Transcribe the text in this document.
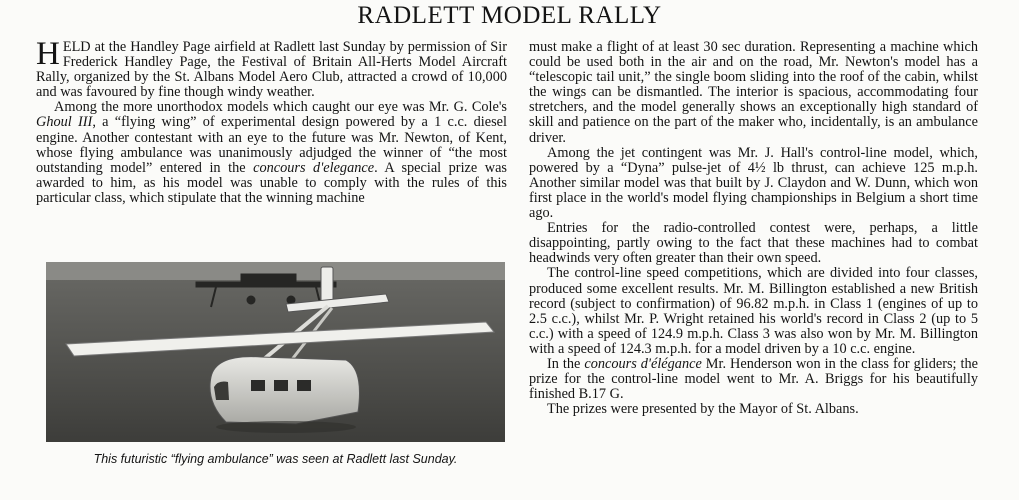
RADLETT MODEL RALLY

HELD at the Handley Page airfield at Radlett last Sunday by permission of Sir Frederick Handley Page, the Festival of Britain All-Herts Model Aircraft Rally, organized by the St. Albans Model Aero Club, attracted a crowd of 10,000 and was favoured by fine though windy weather.

Among the more unorthodox models which caught our eye was Mr. G. Cole's Ghoul III, a “flying wing” of experimental design powered by a 1 c.c. diesel engine. Another contestant with an eye to the future was Mr. Newton, of Kent, whose flying ambulance was unanimously adjudged the winner of “the most outstanding model” entered in the concours d'elegance. A special prize was awarded to him, as his model was unable to comply with the rules of this particular class, which stipulate that the winning machine

This futuristic “flying ambulance” was seen at Radlett last Sunday.

must make a flight of at least 30 sec duration. Representing a machine which could be used both in the air and on the road, Mr. Newton's model has a “telescopic tail unit,” the single boom sliding into the roof of the cabin, whilst the wings can be dismantled. The interior is spacious, accommodating four stretchers, and the model generally shows an exceptionally high standard of skill and patience on the part of the maker who, incidentally, is an ambulance driver.

Among the jet contingent was Mr. J. Hall's control-line model, which, powered by a “Dyna” pulse-jet of 4½ lb thrust, can achieve 125 m.p.h. Another similar model was that built by J. Claydon and W. Dunn, which won first place in the world's model flying championships in Belgium a short time ago.

Entries for the radio-controlled contest were, perhaps, a little disappointing, partly owing to the fact that these machines had to combat headwinds very often greater than their own speed.

The control-line speed competitions, which are divided into four classes, produced some excellent results. Mr. M. Billington established a new British record (subject to confirmation) of 96.82 m.p.h. in Class 1 (engines of up to 2.5 c.c.), whilst Mr. P. Wright retained his world's record in Class 2 (up to 5 c.c.) with a speed of 124.9 m.p.h. Class 3 was also won by Mr. M. Billington with a speed of 124.3 m.p.h. for a model driven by a 10 c.c. engine.

In the concours d'élégance Mr. Henderson won in the class for gliders; the prize for the control-line model went to Mr. A. Briggs for his beautifully finished B.17 G.

The prizes were presented by the Mayor of St. Albans.
